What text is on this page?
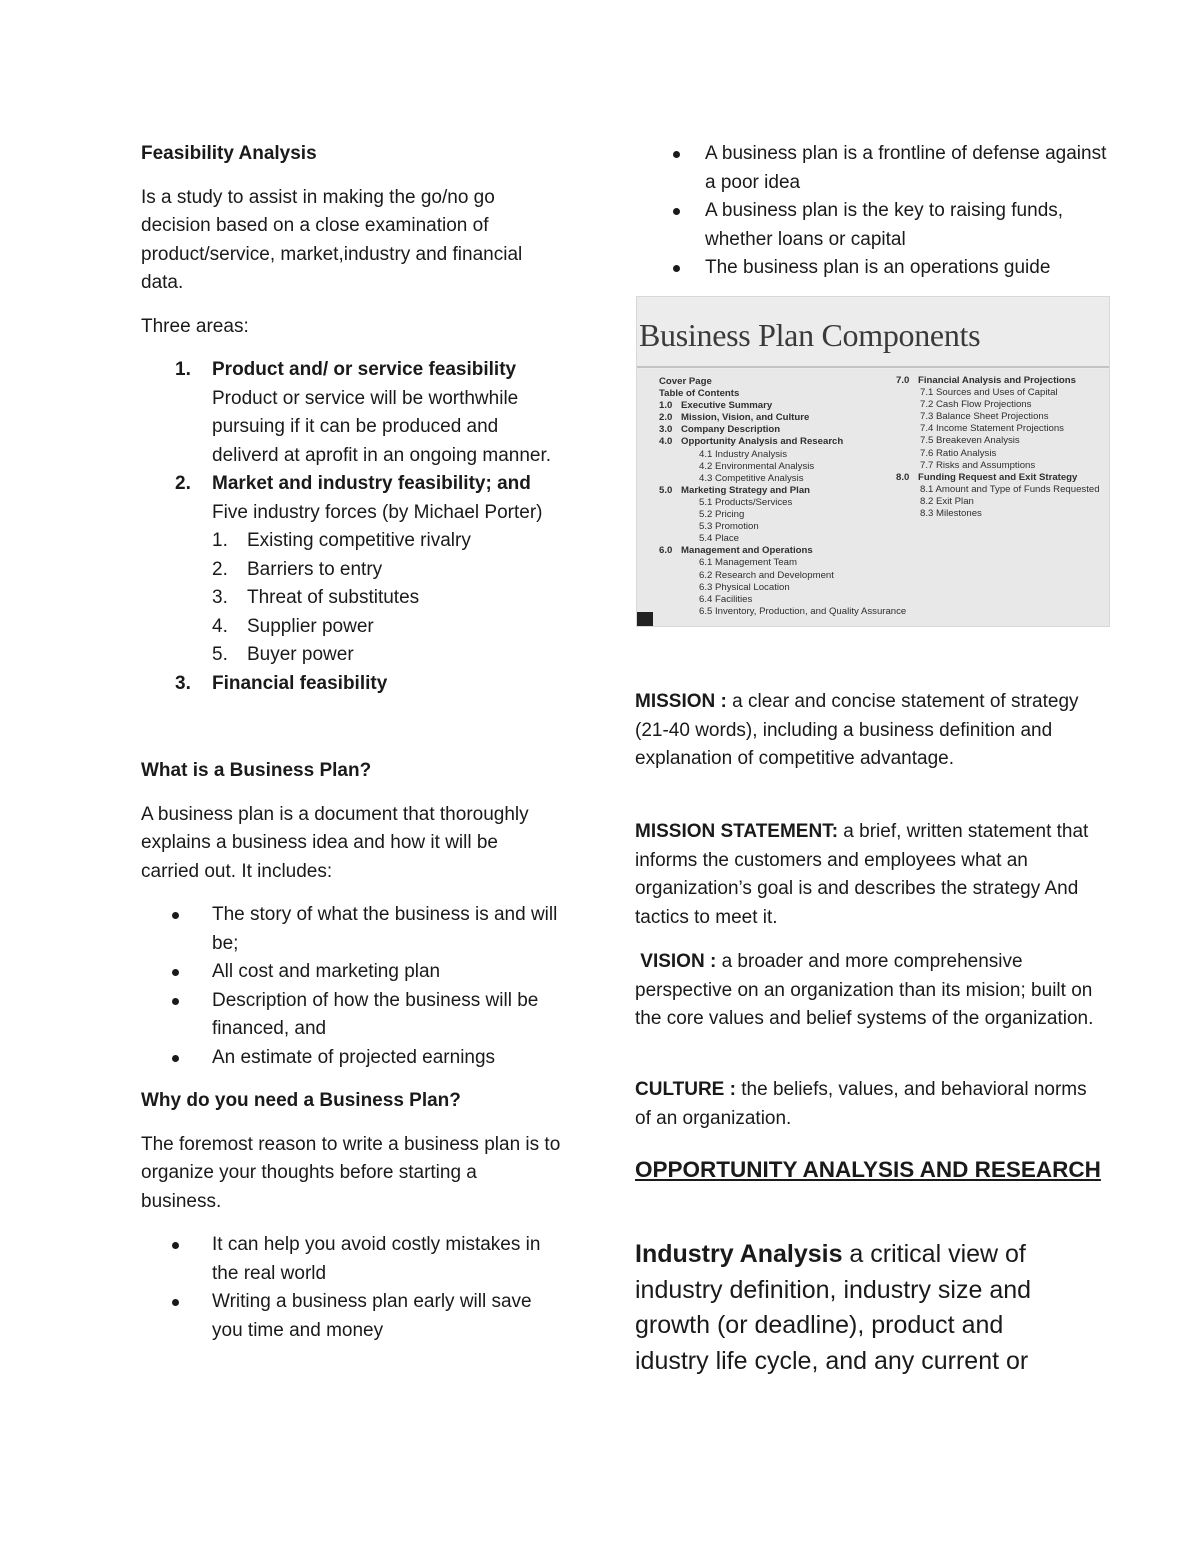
Feasibility Analysis

Is a study to assist in making the go/no go decision based on a close examination of product/service, market,industry and financial data.

Three areas:

1. Product and/ or service feasibility
Product or service will be worthwhile pursuing if it can be produced and deliverd at aprofit in an ongoing manner.
2. Market and industry feasibility; and
Five industry forces (by Michael Porter)
1. Existing competitive rivalry
2. Barriers to entry
3. Threat of substitutes
4. Supplier power
5. Buyer power
3. Financial feasibility

What is a Business Plan?

A business plan is a document that thoroughly explains a business idea and how it will be carried out. It includes:

The story of what the business is and will be;
All cost and marketing plan
Description of how the business will be financed, and
An estimate of projected earnings

Why do you need a Business Plan?

The foremost reason to write a business plan is to organize your thoughts before starting a business.

It can help you avoid costly mistakes in the real world
Writing a business plan early will save you time and money
A business plan is a frontline of defense against a poor idea
A business plan is the key to raising funds, whether loans or capital
The business plan is an operations guide
Business Plan Components
Cover Page
Table of Contents
1.0 Executive Summary
2.0 Mission, Vision, and Culture
3.0 Company Description
4.0 Opportunity Analysis and Research
4.1 Industry Analysis
4.2 Environmental Analysis
4.3 Competitive Analysis
5.0 Marketing Strategy and Plan
5.1 Products/Services
5.2 Pricing
5.3 Promotion
5.4 Place
6.0 Management and Operations
6.1 Management Team
6.2 Research and Development
6.3 Physical Location
6.4 Facilities
6.5 Inventory, Production, and Quality Assurance
7.0 Financial Analysis and Projections
7.1 Sources and Uses of Capital
7.2 Cash Flow Projections
7.3 Balance Sheet Projections
7.4 Income Statement Projections
7.5 Breakeven Analysis
7.6 Ratio Analysis
7.7 Risks and Assumptions
8.0 Funding Request and Exit Strategy
8.1 Amount and Type of Funds Requested
8.2 Exit Plan
8.3 Milestones
MISSION : a clear and concise statement of strategy (21-40 words), including a business definition and explanation of competitive advantage.
MISSION STATEMENT: a brief, written statement that informs the customers and employees what an organization’s goal is and describes the strategy And tactics to meet it.
VISION : a broader and more comprehensive perspective on an organization than its mision; built on the core values and belief systems of the organization.
CULTURE : the beliefs, values, and behavioral norms of an organization.
OPPORTUNITY ANALYSIS AND RESEARCH
Industry Analysis a critical view of industry definition, industry size and growth (or deadline), product and idustry life cycle, and any current or
